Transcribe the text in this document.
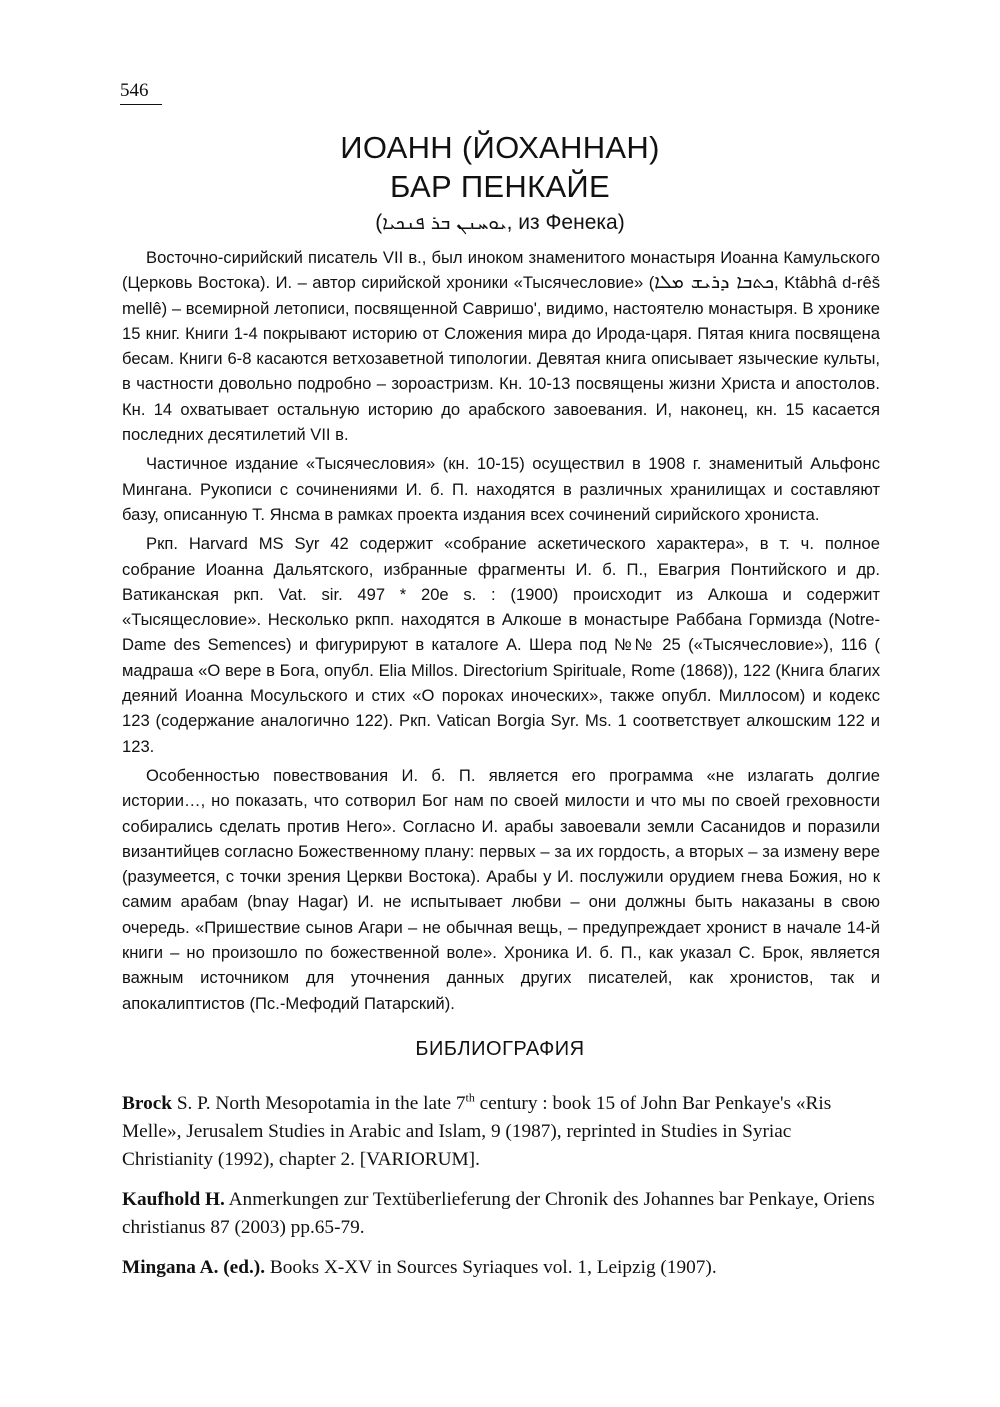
546
ИОАНН (ЙОХАННАН)
БАР ПЕНКАЙЕ
(ܝܘܚܢܢ ܒܪ ܦܢܟܝܐ, из Фенека)

Восточно-сирийский писатель VII в., был иноком знаменитого монастыря Иоанна Камульского (Церковь Востока). И. – автор сирийской хроники «Тысячесловие» (ܟܬܒܐ ܕܪܝܫ ܡܠܐ, Ktâbhâ d-rêš mellê) – всемирной летописи, посвященной Савришо', видимо, настоятелю монастыря. В хронике 15 книг. Книги 1-4 покрывают историю от Сложения мира до Ирода-царя. Пятая книга посвящена бесам. Книги 6-8 касаются ветхозаветной типологии. Девятая книга описывает языческие культы, в частности довольно подробно – зороастризм. Кн. 10-13 посвящены жизни Христа и апостолов. Кн. 14 охватывает остальную историю до арабского завоевания. И, наконец, кн. 15 касается последних десятилетий VII в.

Частичное издание «Тысячесловия» (кн. 10-15) осуществил в 1908 г. знаменитый Альфонс Мингана. Рукописи с сочинениями И. б. П. находятся в различных хранилищах и составляют базу, описанную Т. Янсма в рамках проекта издания всех сочинений сирийского хрониста.

Ркп. Harvard MS Syr 42 содержит «собрание аскетического характера», в т. ч. полное собрание Иоанна Дальятского, избранные фрагменты И. б. П., Евагрия Понтийского и др. Ватиканская ркп. Vat. sir. 497 * 20e s. : (1900) происходит из Алкоша и содержит «Тысящесловие». Несколько ркпп. находятся в Алкоше в монастыре Раббана Гормизда (Notre-Dame des Semences) и фигурируют в каталоге А. Шера под №№ 25 («Тысячесловие»), 116 ( мадраша «О вере в Бога, опубл. Elia Millos. Directorium Spirituale, Rome (1868)), 122 (Книга благих деяний Иоанна Мосульского и стих «О пороках иноческих», также опубл. Миллосом) и кодекс 123 (содержание аналогично 122). Ркп. Vatican Borgia Syr. Ms. 1 соответствует алкошским 122 и 123.

Особенностью повествования И. б. П. является его программа «не излагать долгие истории…, но показать, что сотворил Бог нам по своей милости и что мы по своей греховности собирались сделать против Него». Согласно И. арабы завоевали земли Сасанидов и поразили византийцев согласно Божественному плану: первых – за их гордость, а вторых – за измену вере (разумеется, с точки зрения Церкви Востока). Арабы у И. послужили орудием гнева Божия, но к самим арабам (bnay Hagar) И. не испытывает любви – они должны быть наказаны в свою очередь. «Пришествие сынов Агари – не обычная вещь, – предупреждает хронист в начале 14-й книги – но произошло по божественной воле». Хроника И. б. П., как указал С. Брок, является важным источником для уточнения данных других писателей, как хронистов, так и апокалиптистов (Пс.-Мефодий Патарский).

БИБЛИОГРАФИЯ

Brock S. P. North Mesopotamia in the late 7th century : book 15 of John Bar Penkaye's «Ris Melle», Jerusalem Studies in Arabic and Islam, 9 (1987), reprinted in Studies in Syriac Christianity (1992), chapter 2. [VARIORUM].

Kaufhold H. Anmerkungen zur Textüberlieferung der Chronik des Johannes bar Penkaye, Oriens christianus 87 (2003) pp.65-79.

Mingana A. (ed.). Books X-XV in Sources Syriaques vol. 1, Leipzig (1907).
